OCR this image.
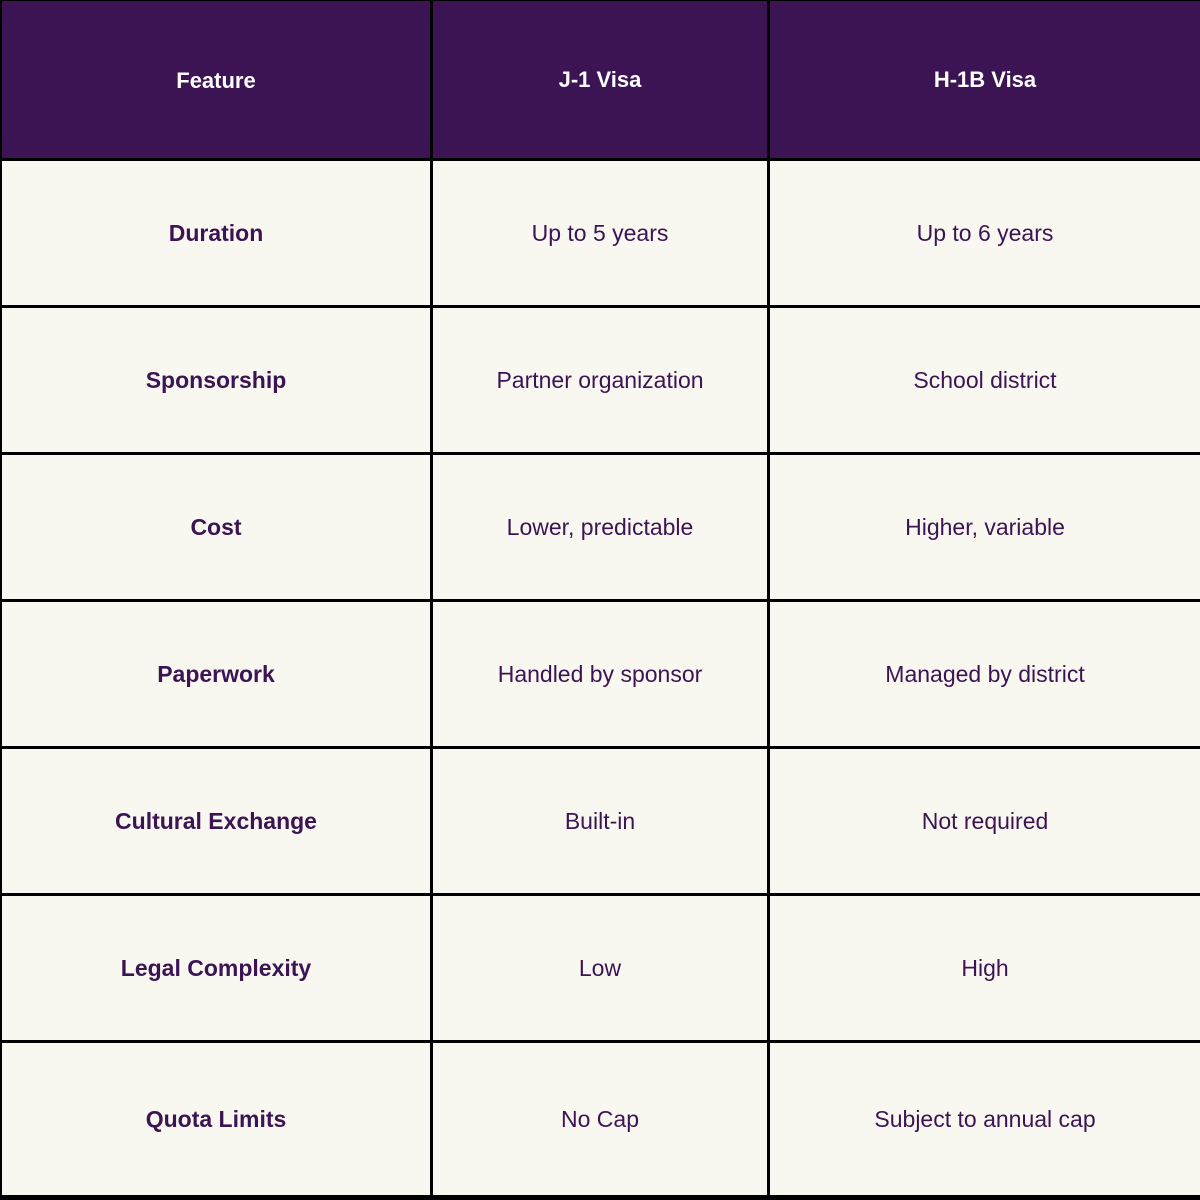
Feature	J-1 Visa	H-1B Visa
Duration	Up to 5 years	Up to 6 years
Sponsorship	Partner organization	School district
Cost	Lower, predictable	Higher, variable
Paperwork	Handled by sponsor	Managed by district
Cultural Exchange	Built-in	Not required
Legal Complexity	Low	High
Quota Limits	No Cap	Subject to annual cap
